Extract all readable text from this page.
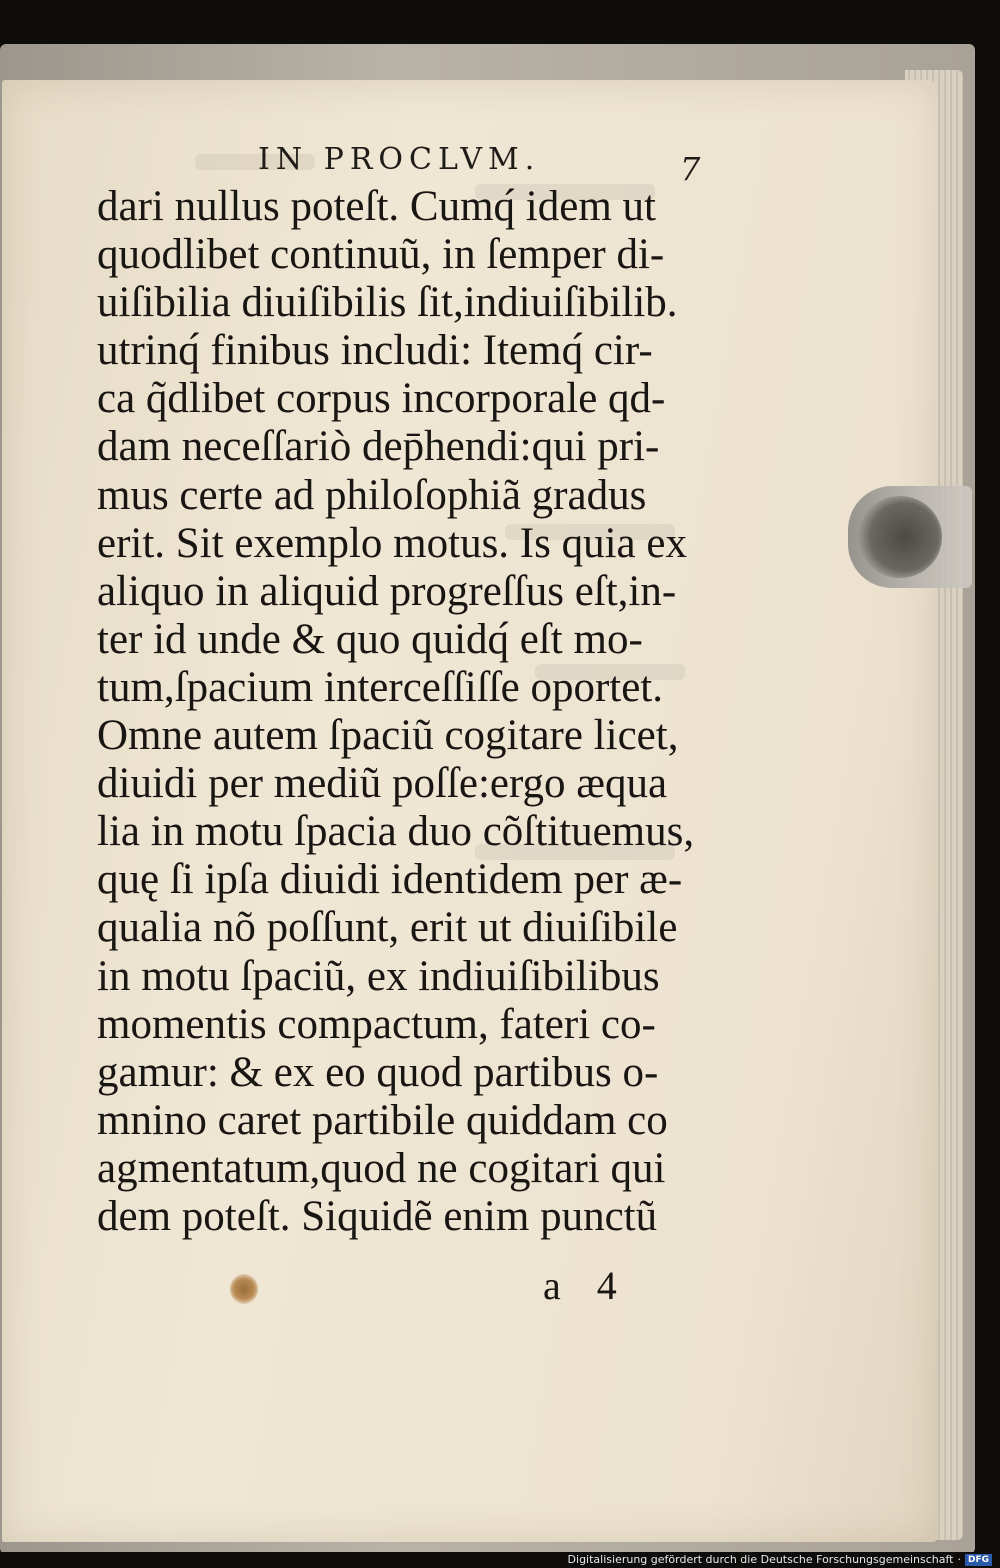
IN PROCLVM.	7
dari nullus poteſt. Cumq́ idem ut
quodlibet continuũ, in ſemper di-
uiſibilia diuiſibilis ſit,indiuiſibilib.
utrinq́ finibus includi: Itemq́ cir-
ca q̃dlibet corpus incorporale qd-
dam neceſſariò dep̄hendi:qui pri-
mus certe ad philoſophiã gradus
erit. Sit exemplo motus. Is quia ex
aliquo in aliquid progreſſus eſt,in-
ter id unde & quo quidq́ eſt mo-
tum,ſpacium interceſſiſſe oportet.
Omne autem ſpaciũ cogitare licet,
diuidi per mediũ poſſe:ergo æqua
lia in motu ſpacia duo cõſtituemus,
quę ſi ipſa diuidi identidem per æ-
qualia nõ poſſunt, erit ut diuiſibile
in motu ſpaciũ, ex indiuiſibilibus
momentis compactum, fateri co-
gamur: & ex eo quod partibus o-
mnino caret partibile quiddam co
agmentatum,quod ne cogitari qui
dem poteſt. Siquidẽ enim punctũ
a 4
Digitalisierung gefördert durch die Deutsche Forschungsgemeinschaft · DFG
